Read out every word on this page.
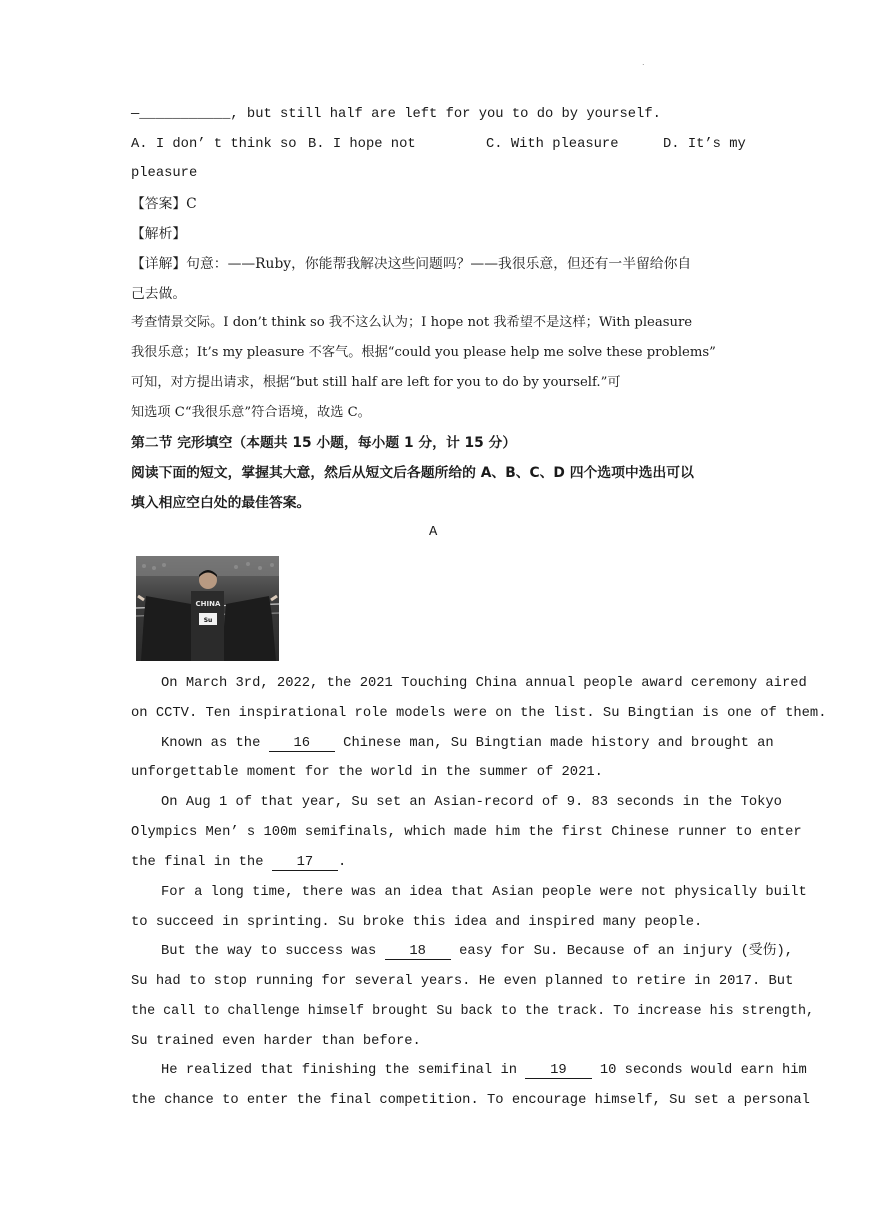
.
—___________, but still half are left for you to do by yourself.
A. I don’ t think so B. I hope not	C. With pleasure	D. It’s my
pleasure
【答案】C
【解析】
【详解】句意：——Ruby，你能帮我解决这些问题吗？——我很乐意，但还有一半留给你自
己去做。
考查情景交际。I don’t think so 我不这么认为；I hope not 我希望不是这样；With pleasure
我很乐意；It’s my pleasure 不客气。根据“could you please help me solve these problems”
可知，对方提出请求，根据“but still half are left for you to do by yourself.”可
知选项 C“我很乐意”符合语境，故选 C。
第二节 完形填空（本题共 15 小题，每小题 1 分，计 15 分）
阅读下面的短文，掌握其大意，然后从短文后各题所给的 A、B、C、D 四个选项中选出可以
填入相应空白处的最佳答案。
A
CHINA
Su
On March 3rd, 2022, the 2021 Touching China annual people award ceremony aired
on CCTV. Ten inspirational role models were on the list. Su Bingtian is one of them.
Known as the    16    Chinese man, Su Bingtian made history and brought an
unforgettable moment for the world in the summer of 2021.
On Aug 1 of that year, Su set an Asian-record of 9. 83 seconds in the Tokyo
Olympics Men’ s 100m semifinals, which made him the first Chinese runner to enter
the final in the    17   .
For a long time, there was an idea that Asian people were not physically built
to succeed in sprinting. Su broke this idea and inspired many people.
But the way to success was    18    easy for Su. Because of an injury (受伤),
Su had to stop running for several years. He even planned to retire in 2017. But
the call to challenge himself brought Su back to the track. To increase his strength,
Su trained even harder than before.
He realized that finishing the semifinal in    19    10 seconds would earn him
the chance to enter the final competition. To encourage himself, Su set a personal
